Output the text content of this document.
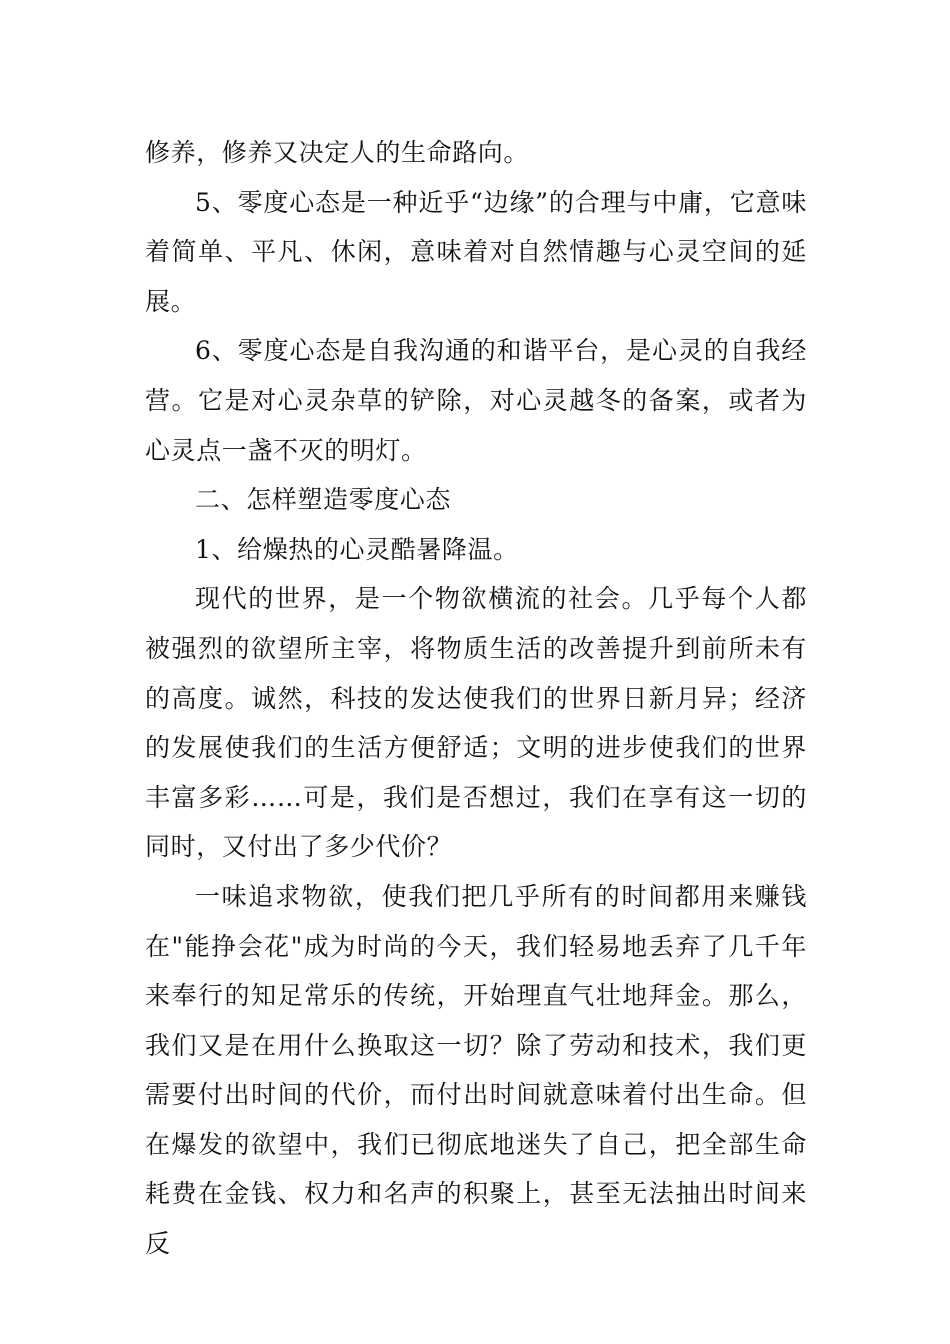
修养，修养又决定人的生命路向。

5、零度心态是一种近乎“边缘”的合理与中庸，它意味着简单、平凡、休闲，意味着对自然情趣与心灵空间的延展。

6、零度心态是自我沟通的和谐平台，是心灵的自我经营。它是对心灵杂草的铲除，对心灵越冬的备案，或者为心灵点一盏不灭的明灯。

二、怎样塑造零度心态

1、给燥热的心灵酷暑降温。

现代的世界，是一个物欲横流的社会。几乎每个人都被强烈的欲望所主宰，将物质生活的改善提升到前所未有的高度。诚然，科技的发达使我们的世界日新月异；经济的发展使我们的生活方便舒适；文明的进步使我们的世界丰富多彩……可是，我们是否想过，我们在享有这一切的同时，又付出了多少代价？

一味追求物欲，使我们把几乎所有的时间都用来赚钱在"能挣会花"成为时尚的今天，我们轻易地丢弃了几千年来奉行的知足常乐的传统，开始理直气壮地拜金。那么，我们又是在用什么换取这一切？除了劳动和技术，我们更需要付出时间的代价，而付出时间就意味着付出生命。但在爆发的欲望中，我们已彻底地迷失了自己，把全部生命耗费在金钱、权力和名声的积聚上，甚至无法抽出时间来反
